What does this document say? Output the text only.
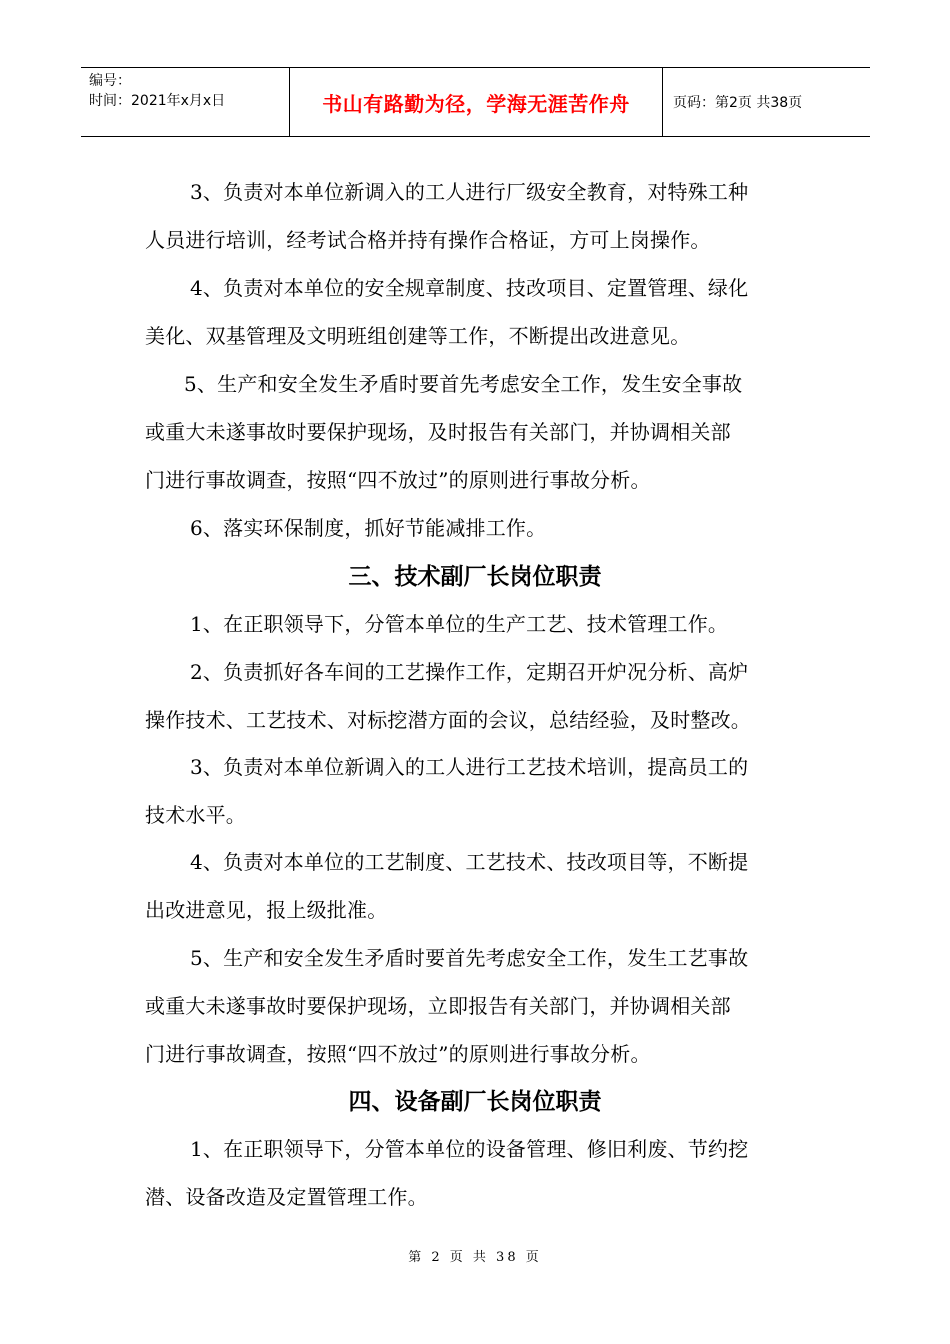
编号：
时间：2021年x月x日	书山有路勤为径，学海无涯苦作舟	页码：第2页 共38页
3、负责对本单位新调入的工人进行厂级安全教育，对特殊工种
人员进行培训，经考试合格并持有操作合格证，方可上岗操作。
4、负责对本单位的安全规章制度、技改项目、定置管理、绿化
美化、双基管理及文明班组创建等工作，不断提出改进意见。
5、生产和安全发生矛盾时要首先考虑安全工作，发生安全事故
或重大未遂事故时要保护现场，及时报告有关部门，并协调相关部
门进行事故调查，按照“四不放过”的原则进行事故分析。
6、落实环保制度，抓好节能减排工作。
三、技术副厂长岗位职责
1、在正职领导下，分管本单位的生产工艺、技术管理工作。
2、负责抓好各车间的工艺操作工作，定期召开炉况分析、高炉
操作技术、工艺技术、对标挖潜方面的会议，总结经验，及时整改。
3、负责对本单位新调入的工人进行工艺技术培训，提高员工的
技术水平。
4、负责对本单位的工艺制度、工艺技术、技改项目等，不断提
出改进意见，报上级批准。
5、生产和安全发生矛盾时要首先考虑安全工作，发生工艺事故
或重大未遂事故时要保护现场，立即报告有关部门，并协调相关部
门进行事故调查，按照“四不放过”的原则进行事故分析。
四、设备副厂长岗位职责
1、在正职领导下，分管本单位的设备管理、修旧利废、节约挖
潜、设备改造及定置管理工作。
第 2 页 共 38 页
